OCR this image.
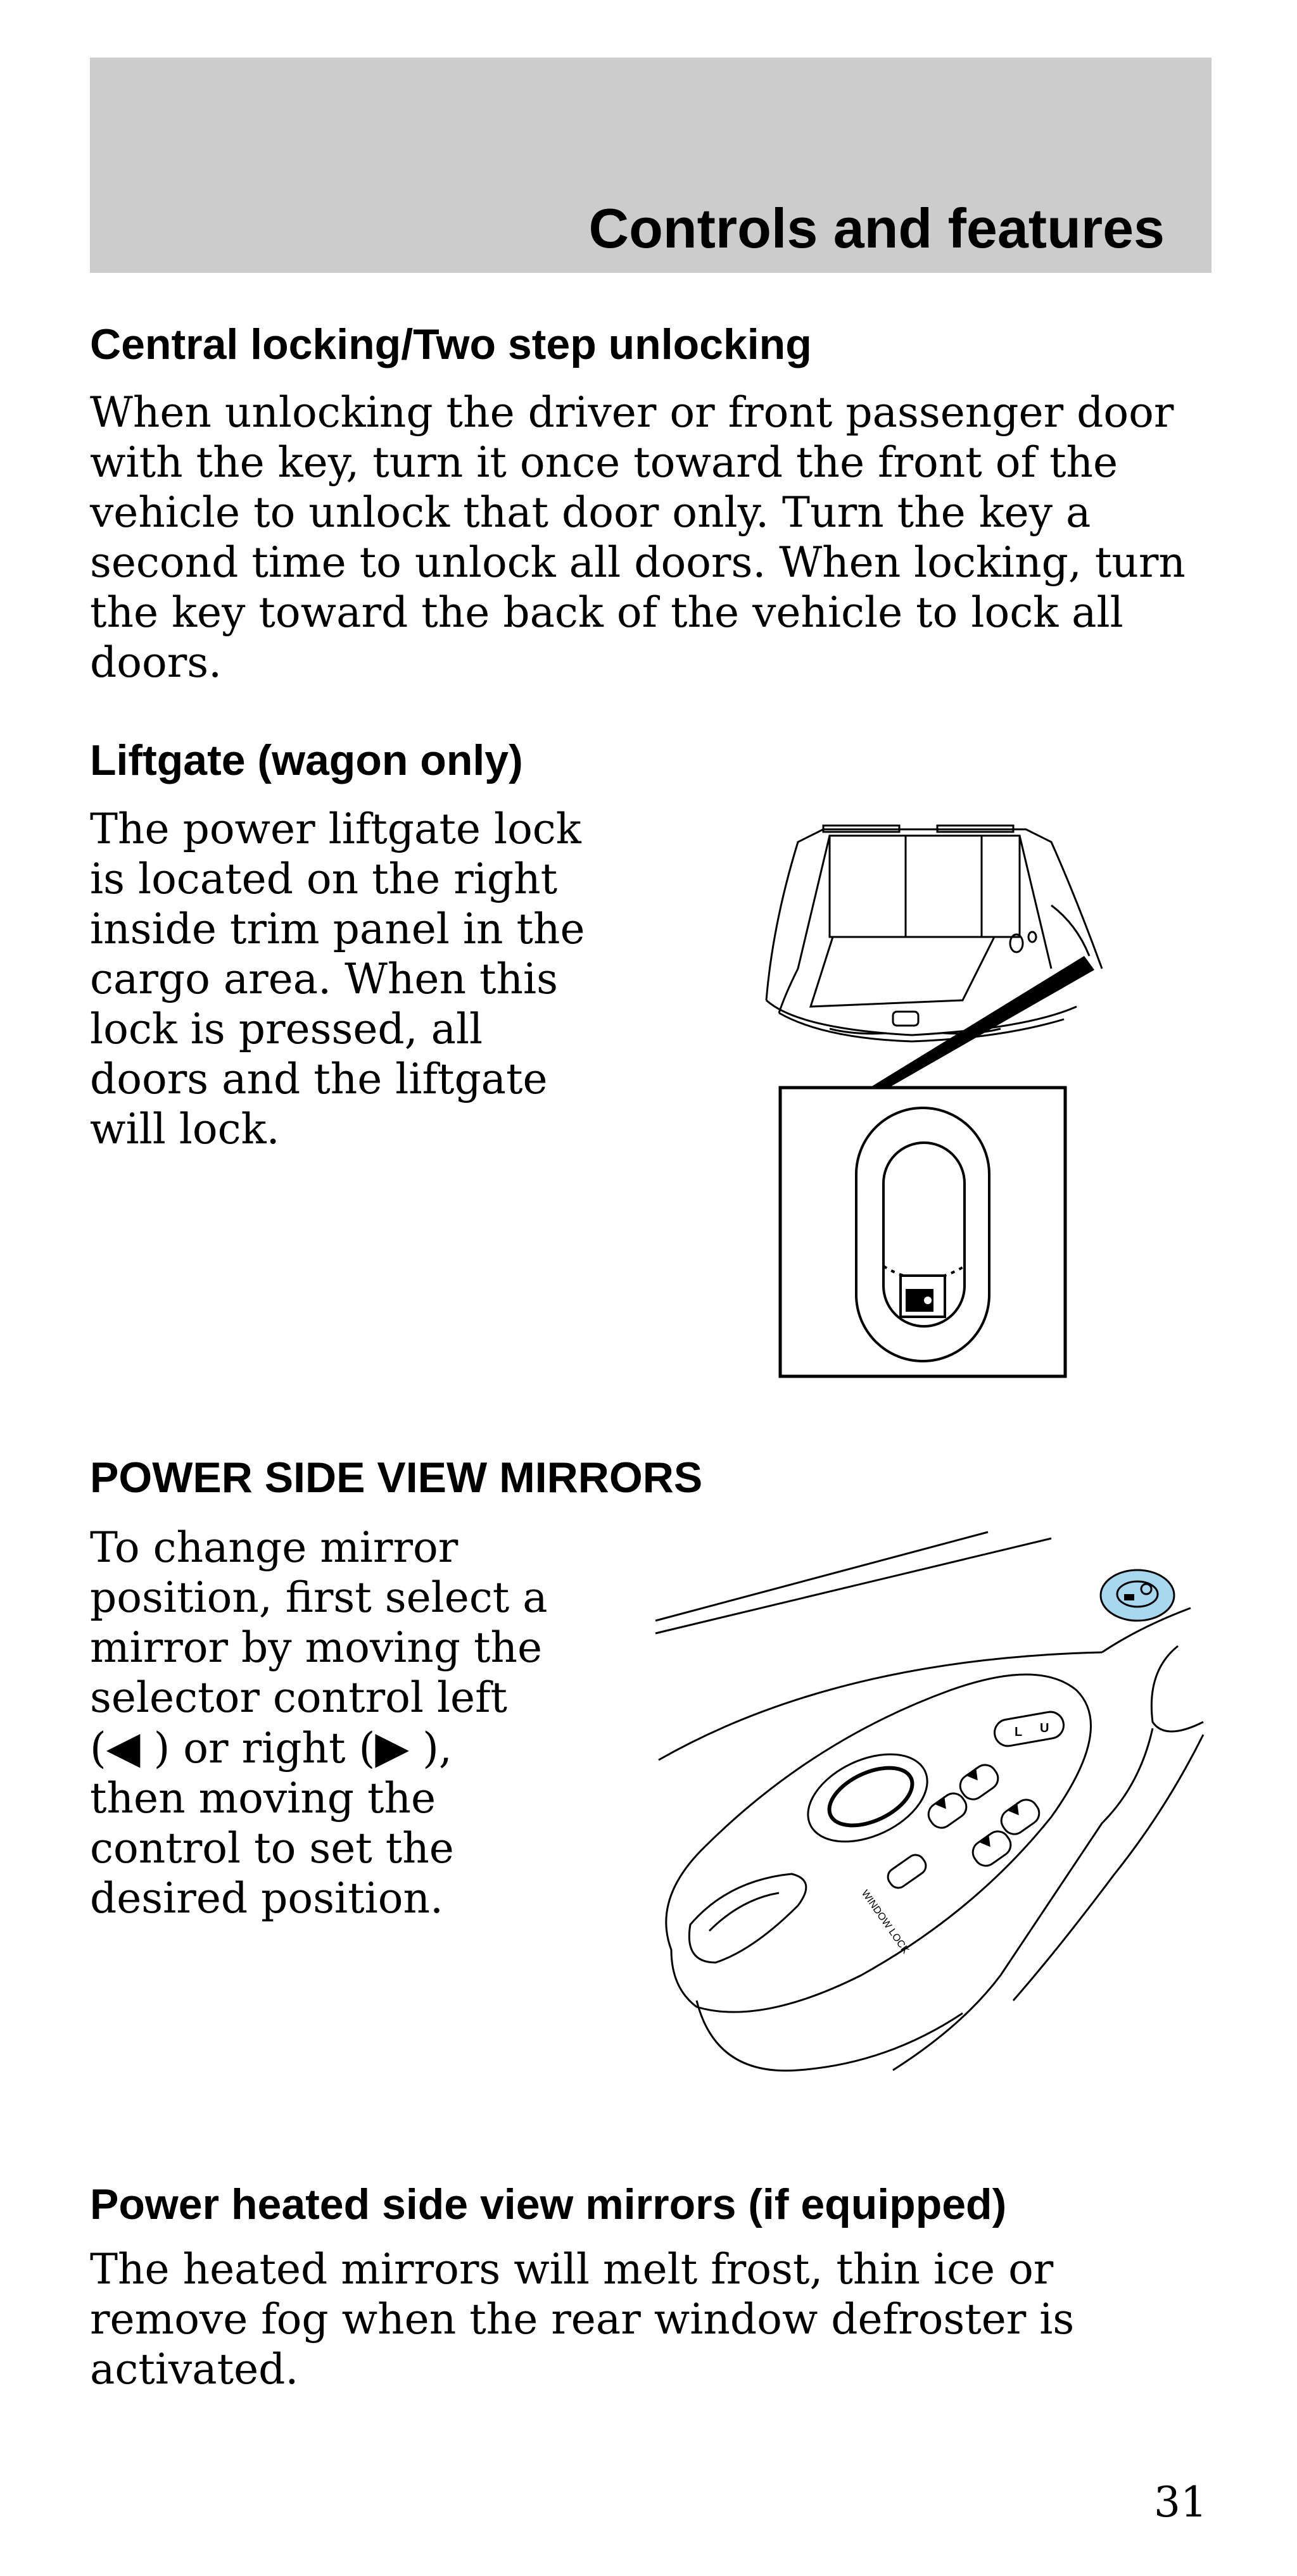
Controls and features
Central locking/Two step unlocking
When unlocking the driver or front passenger door
with the key, turn it once toward the front of the
vehicle to unlock that door only. Turn the key a
second time to unlock all doors. When locking, turn
the key toward the back of the vehicle to lock all
doors.
Liftgate (wagon only)
The power liftgate lock
is located on the right
inside trim panel in the
cargo area. When this
lock is pressed, all
doors and the liftgate
will lock.
POWER SIDE VIEW MIRRORS
To change mirror
position, first select a
mirror by moving the
selector control left
(◀ ) or right (▶ ),
then moving the
control to set the
desired position.
L U
WINDOW LOCK
Power heated side view mirrors (if equipped)
The heated mirrors will melt frost, thin ice or
remove fog when the rear window defroster is
activated.
31
